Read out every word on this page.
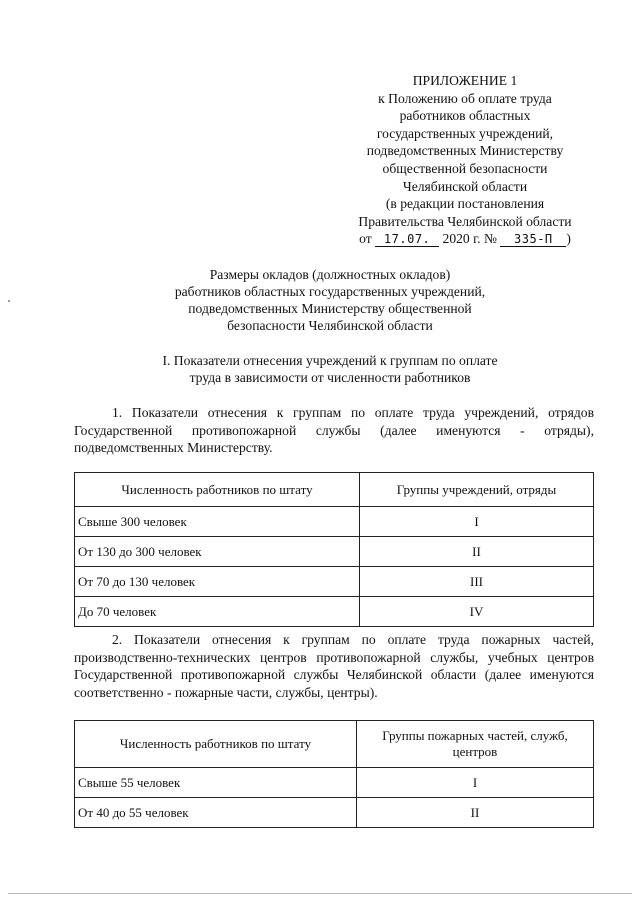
ПРИЛОЖЕНИЕ 1
к Положению об оплате труда
работников областных
государственных учреждений,
подведомственных Министерству
общественной безопасности
Челябинской области
(в редакции постановления
Правительства Челябинской области
от
	17.07.
2020 г. №
	335-П	)
Размеры окладов (должностных окладов)
работников областных государственных учреждений,
подведомственных Министерству общественной
безопасности Челябинской области
I. Показатели отнесения учреждений к группам по оплате
труда в зависимости от численности работников
1. Показатели отнесения к группам по оплате труда учреждений, отрядов Государственной противопожарной службы (далее именуются - отряды), подведомственных Министерству.
Численность работников по штату	Группы учреждений, отряды
Свыше 300 человек	I
От 130 до 300 человек	II
От 70 до 130 человек	III
До 70 человек	IV
2. Показатели отнесения к группам по оплате труда пожарных частей, производственно-технических центров противопожарной службы, учебных центров Государственной противопожарной службы Челябинской области (далее именуются соответственно - пожарные части, службы, центры).
Численность работников по штату	Группы пожарных частей, служб, центров
Свыше 55 человек	I
От 40 до 55 человек	II
